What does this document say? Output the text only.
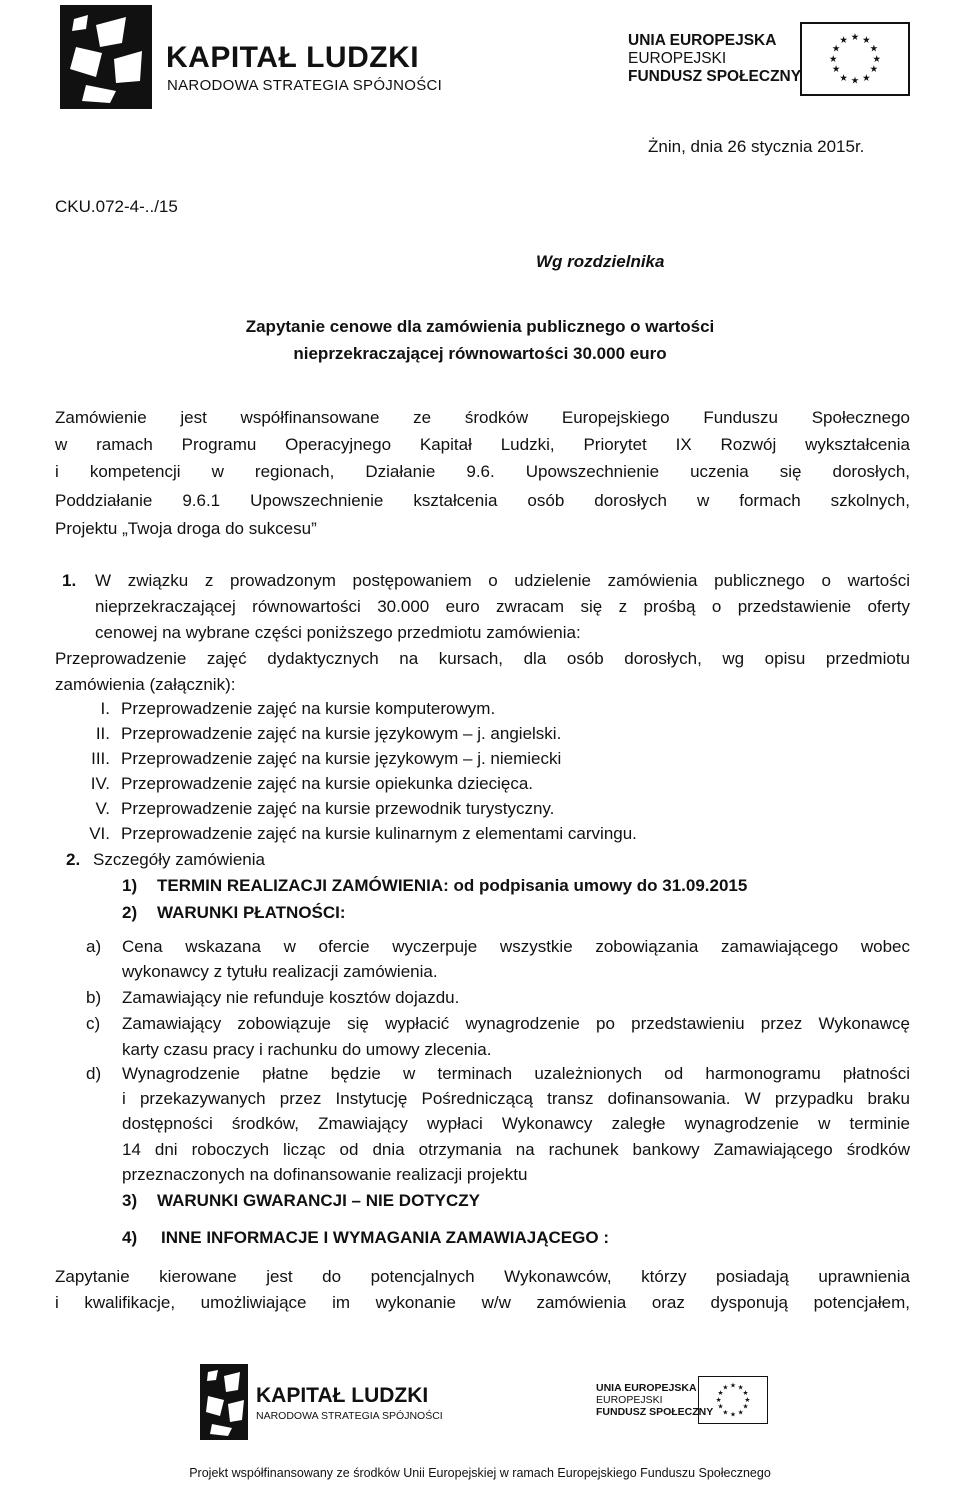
KAPITAŁ LUDZKI
NARODOWA STRATEGIA SPÓJNOŚCI
UNIA EUROPEJSKA
EUROPEJSKI
FUNDUSZ SPOŁECZNY
★ ★
★
★
★
★
★
★
★
★
★
★
Żnin, dnia 26 stycznia 2015r.
CKU.072-4-../15
Wg rozdzielnika
Zapytanie cenowe dla zamówienia publicznego o wartości
nieprzekraczającej równowartości 30.000 euro
Zamówienie jest współfinansowane ze środków Europejskiego Funduszu Społecznego
w ramach Programu Operacyjnego Kapitał Ludzki, Priorytet IX Rozwój wykształcenia
i kompetencji w regionach, Działanie 9.6. Upowszechnienie uczenia się dorosłych,
Poddziałanie 9.6.1 Upowszechnienie kształcenia osób dorosłych w formach szkolnych,
Projektu „Twoja droga do sukcesu”
1. W związku z prowadzonym postępowaniem o udzielenie zamówienia publicznego o wartości
nieprzekraczającej równowartości 30.000 euro zwracam się z prośbą o przedstawienie oferty
cenowej na wybrane części poniższego przedmiotu zamówienia:
Przeprowadzenie zajęć dydaktycznych na kursach, dla osób dorosłych, wg opisu przedmiotu
zamówienia (załącznik):
I. Przeprowadzenie zajęć na kursie komputerowym.
II. Przeprowadzenie zajęć na kursie językowym – j. angielski.
III. Przeprowadzenie zajęć na kursie językowym – j. niemiecki
IV. Przeprowadzenie zajęć na kursie opiekunka dziecięca.
V. Przeprowadzenie zajęć na kursie przewodnik turystyczny.
VI. Przeprowadzenie zajęć na kursie kulinarnym z elementami carvingu.
2. Szczegóły zamówienia
1) TERMIN REALIZACJI ZAMÓWIENIA: od podpisania umowy do 31.09.2015
2) WARUNKI PŁATNOŚCI:
a) Cena wskazana w ofercie wyczerpuje wszystkie zobowiązania zamawiającego wobec
wykonawcy z tytułu realizacji zamówienia.
b) Zamawiający nie refunduje kosztów dojazdu.
c) Zamawiający zobowiązuje się wypłacić wynagrodzenie po przedstawieniu przez Wykonawcę
karty czasu pracy i rachunku do umowy zlecenia.
d) Wynagrodzenie płatne będzie w terminach uzależnionych od harmonogramu płatności
i przekazywanych przez Instytucję Pośredniczącą transz dofinansowania. W przypadku braku
dostępności środków, Zmawiający wypłaci Wykonawcy zaległe wynagrodzenie w terminie
14 dni roboczych licząc od dnia otrzymania na rachunek bankowy Zamawiającego środków
przeznaczonych na dofinansowanie realizacji projektu
3) WARUNKI GWARANCJI – NIE DOTYCZY
4) INNE INFORMACJE I WYMAGANIA ZAMAWIAJĄCEGO :
Zapytanie kierowane jest do potencjalnych Wykonawców, którzy posiadają uprawnienia
i kwalifikacje, umożliwiające im wykonanie w/w zamówienia oraz dysponują potencjałem,
KAPITAŁ LUDZKI
NARODOWA STRATEGIA SPÓJNOŚCI
UNIA EUROPEJSKA
EUROPEJSKI
FUNDUSZ SPOŁECZNY
★ ★
★
★
★
★
★
★
★
★
★
★
Projekt współfinansowany ze środków Unii Europejskiej w ramach Europejskiego Funduszu Społecznego
